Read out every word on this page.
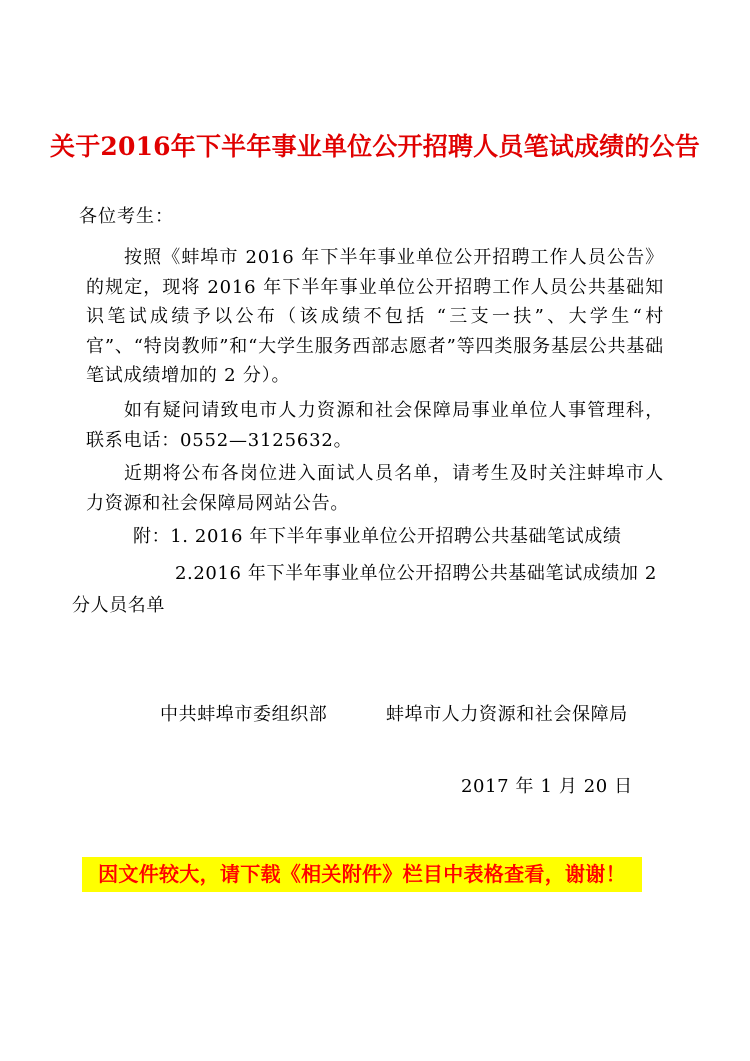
关于2016年下半年事业单位公开招聘人员笔试成绩的公告
各位考生：
按照《蚌埠市 2016 年下半年事业单位公开招聘工作人员公告》的规定，现将 2016 年下半年事业单位公开招聘工作人员公共基础知识笔试成绩予以公布（该成绩不包括 “三支一扶”、大学生“村官”、“特岗教师”和“大学生服务西部志愿者”等四类服务基层公共基础笔试成绩增加的 2 分）。
如有疑问请致电市人力资源和社会保障局事业单位人事管理科，联系电话：0552—3125632。
近期将公布各岗位进入面试人员名单，请考生及时关注蚌埠市人力资源和社会保障局网站公告。
附：1. 2016 年下半年事业单位公开招聘公共基础笔试成绩
2.2016 年下半年事业单位公开招聘公共基础笔试成绩加 2 分人员名单
中共蚌埠市委组织部	蚌埠市人力资源和社会保障局
2017 年 1 月 20 日
因文件较大，请下载《相关附件》栏目中表格查看，谢谢！
